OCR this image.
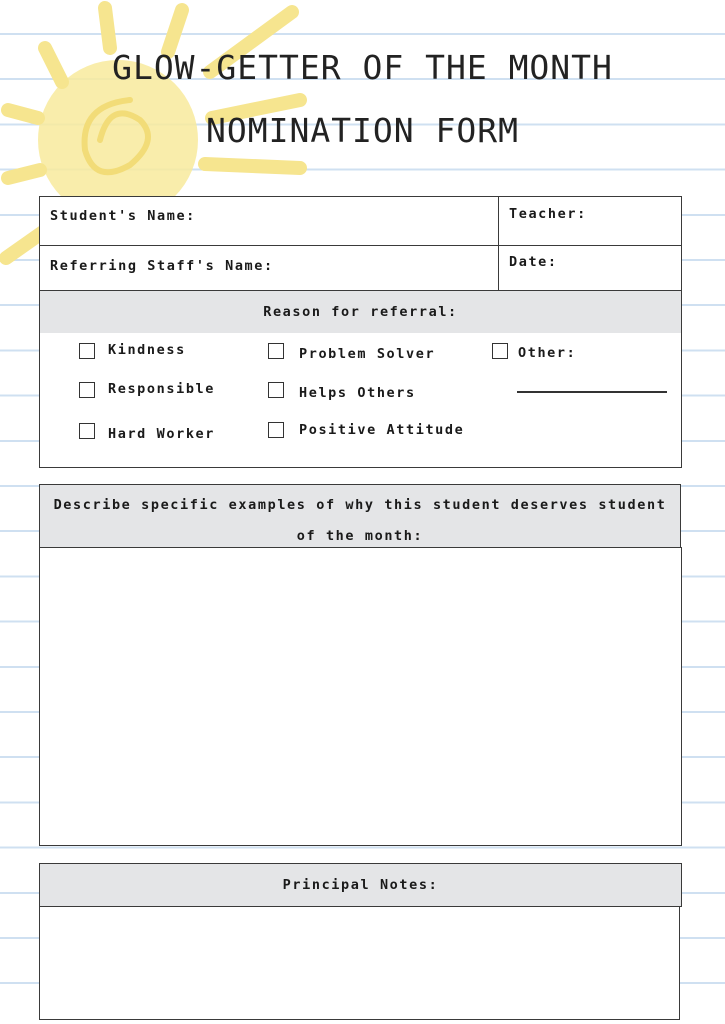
GLOW-GETTER OF THE MONTH
NOMINATION FORM
Student's Name:	Teacher:
Referring Staff's Name:	Date:
Reason for referral:
Kindness
Responsible
Hard Worker
Problem Solver
Helps Others
Positive Attitude
Other:
Describe specific examples of why this student deserves student of the month:
Principal Notes:
